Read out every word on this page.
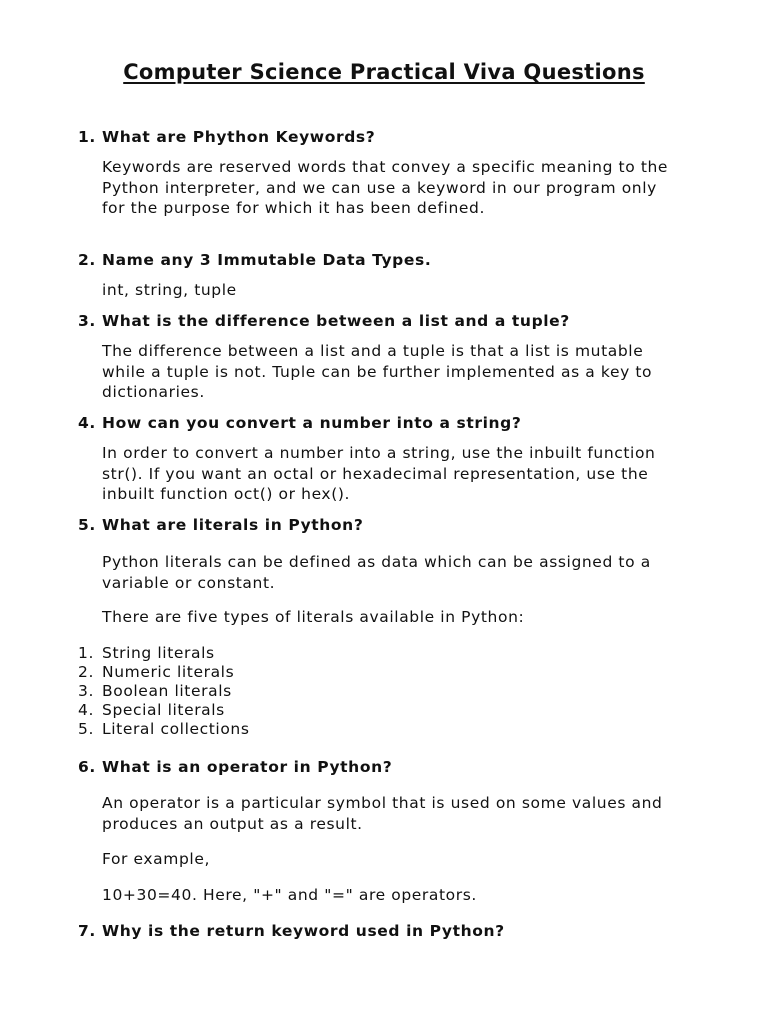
Computer Science Practical Viva Questions
1. What are Phython Keywords?

Keywords are reserved words that convey a specific meaning to the Python interpreter, and we can use a keyword in our program only for the purpose for which it has been defined.

2. Name any 3 Immutable Data Types.

int, string, tuple

3. What is the difference between a list and a tuple?

The difference between a list and a tuple is that a list is mutable while a tuple is not. Tuple can be further implemented as a key to dictionaries.

4. How can you convert a number into a string?

In order to convert a number into a string, use the inbuilt function str(). If you want an octal or hexadecimal representation, use the inbuilt function oct() or hex().

5. What are literals in Python?

Python literals can be defined as data which can be assigned to a variable or constant.

There are five types of literals available in Python:

1. String literals
2. Numeric literals
3. Boolean literals
4. Special literals
5. Literal collections
6. What is an operator in Python?

An operator is a particular symbol that is used on some values and produces an output as a result.

For example,

10+30=40. Here, "+" and "=" are operators.

7. Why is the return keyword used in Python?
